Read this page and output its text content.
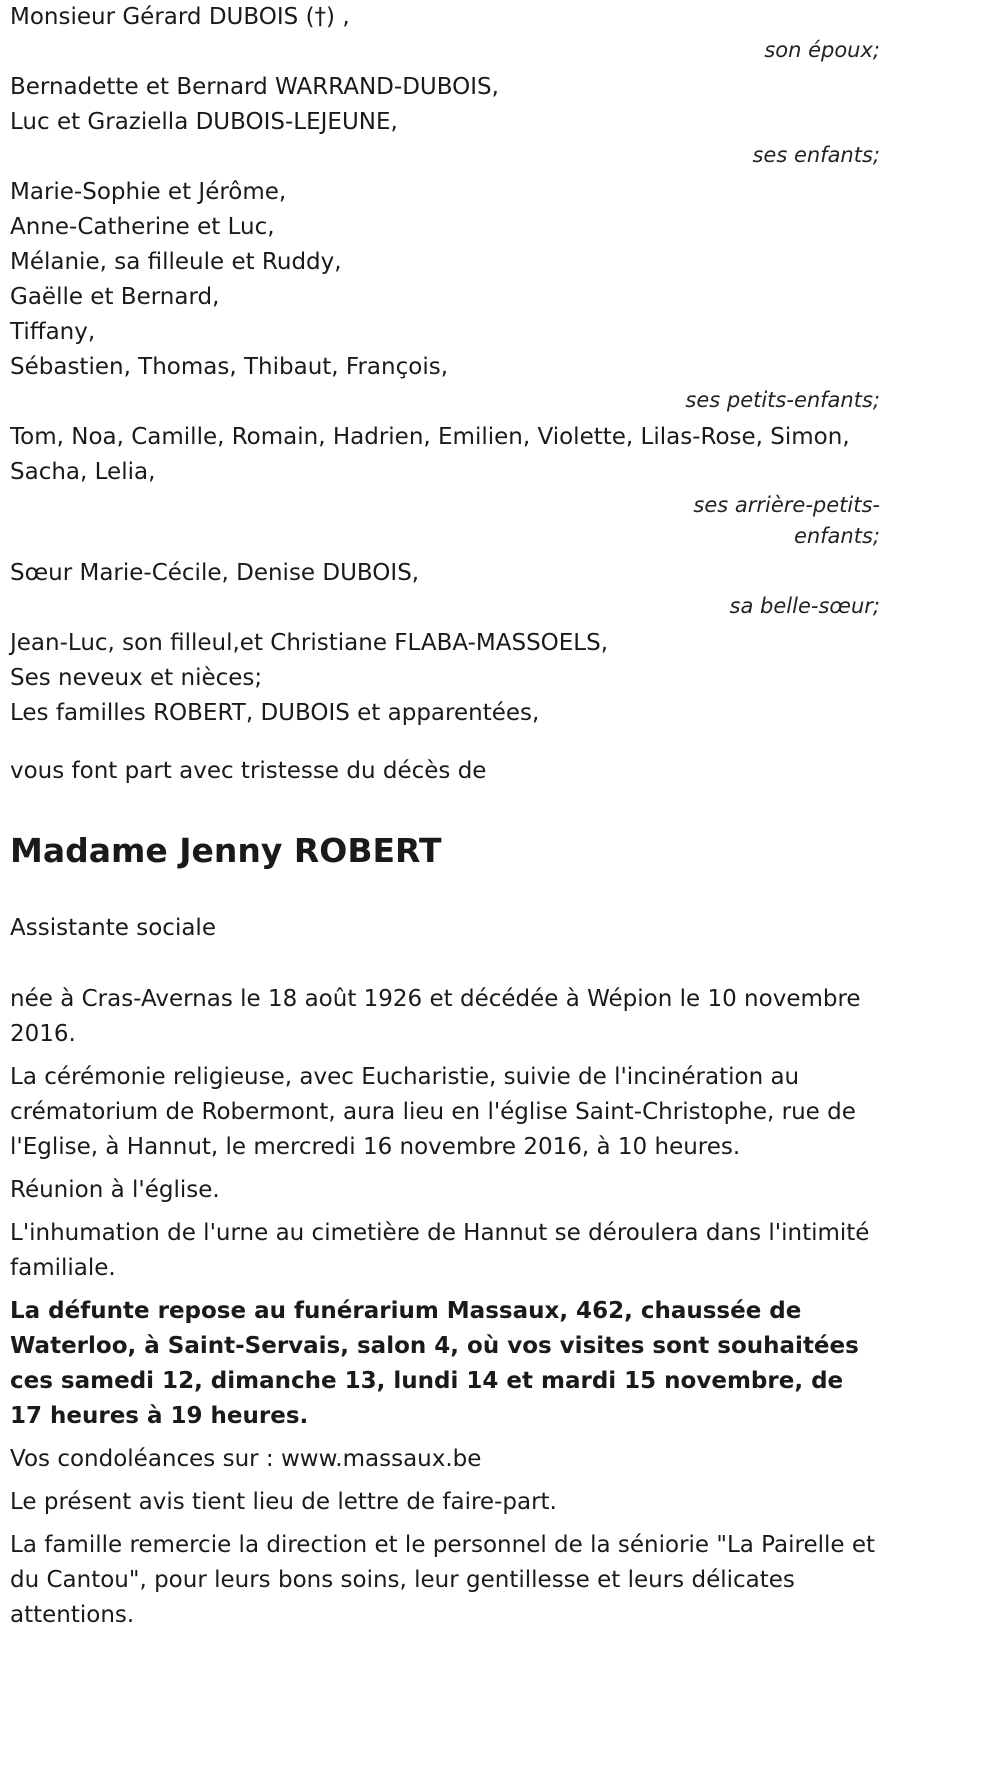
Monsieur Gérard DUBOIS (†) ,
son époux;
Bernadette et Bernard WARRAND-DUBOIS,
Luc et Graziella DUBOIS-LEJEUNE,
ses enfants;
Marie-Sophie et Jérôme,
Anne-Catherine et Luc,
Mélanie, sa filleule et Ruddy,
Gaëlle et Bernard,
Tiffany,
Sébastien, Thomas, Thibaut, François,
ses petits-enfants;
Tom, Noa, Camille, Romain, Hadrien, Emilien, Violette, Lilas-Rose, Simon,
Sacha, Lelia,
ses arrière-petits-
enfants;
Sœur Marie-Cécile, Denise DUBOIS,
sa belle-sœur;
Jean-Luc, son filleul,et Christiane FLABA-MASSOELS,
Ses neveux et nièces;
Les familles ROBERT, DUBOIS et apparentées,
vous font part avec tristesse du décès de
Madame Jenny ROBERT
Assistante sociale

née à Cras-Avernas le 18 août 1926 et décédée à Wépion le 10 novembre 2016.

La cérémonie religieuse, avec Eucharistie, suivie de l'incinération au crématorium de Robermont, aura lieu en l'église Saint-Christophe, rue de l'Eglise, à Hannut, le mercredi 16 novembre 2016, à 10 heures.

Réunion à l'église.

L'inhumation de l'urne au cimetière de Hannut se déroulera dans l'intimité familiale.

La défunte repose au funérarium Massaux, 462, chaussée de Waterloo, à Saint-Servais, salon 4, où vos visites sont souhaitées ces samedi 12, dimanche 13, lundi 14 et mardi 15 novembre, de 17 heures à 19 heures.

Vos condoléances sur : www.massaux.be

Le présent avis tient lieu de lettre de faire-part.

La famille remercie la direction et le personnel de la séniorie "La Pairelle et du Cantou", pour leurs bons soins, leur gentillesse et leurs délicates attentions.
